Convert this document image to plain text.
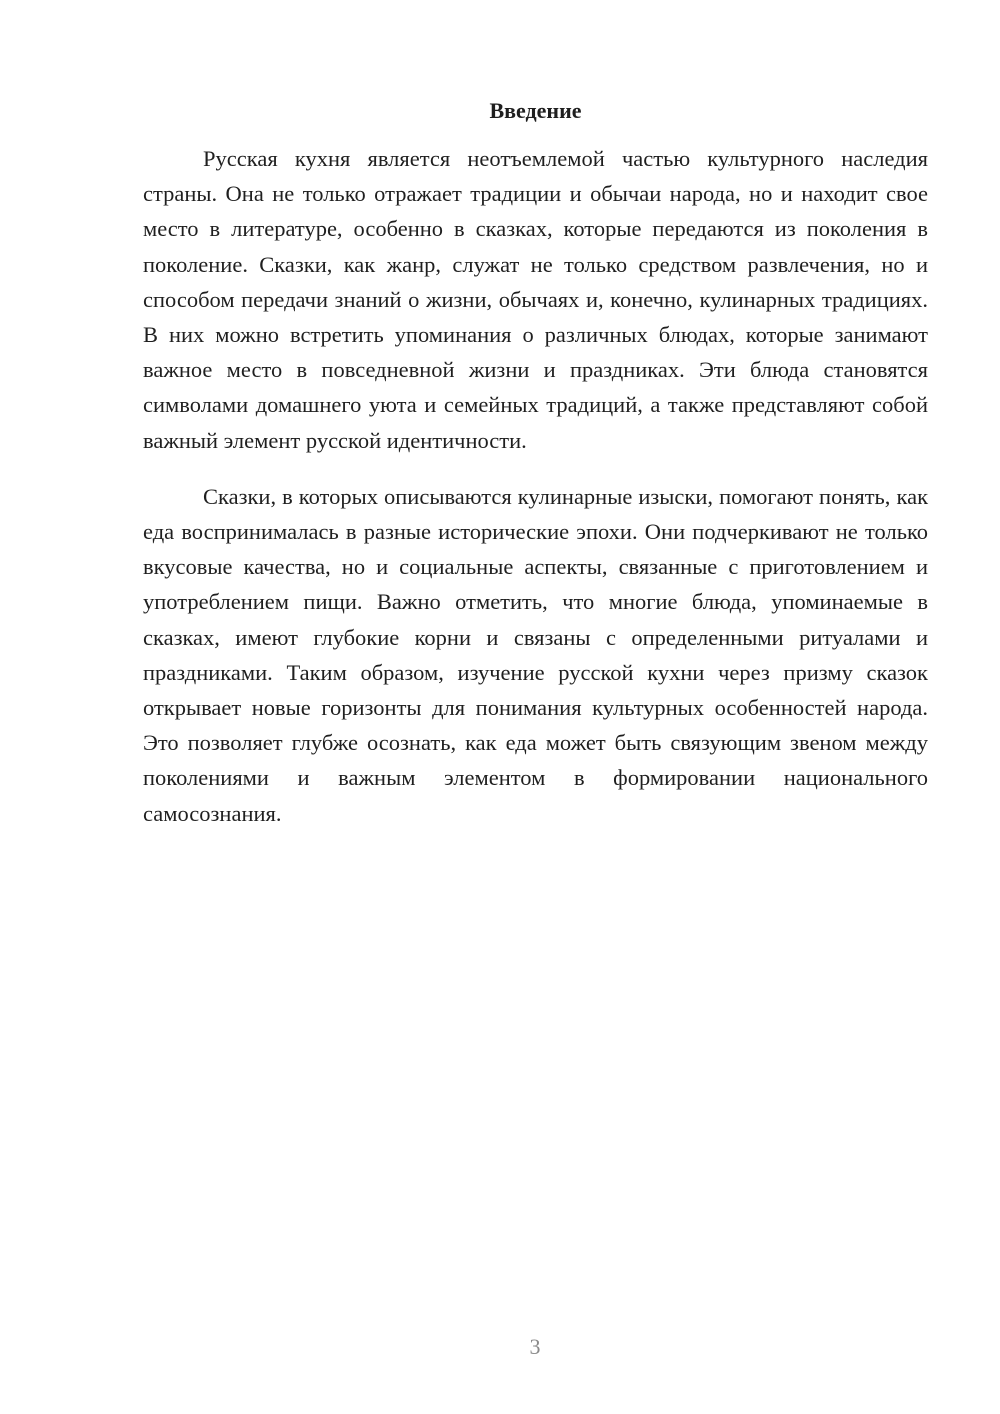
Введение

Русская кухня является неотъемлемой частью культурного наследия страны. Она не только отражает традиции и обычаи народа, но и находит свое место в литературе, особенно в сказках, которые передаются из поколения в поколение. Сказки, как жанр, служат не только средством развлечения, но и способом передачи знаний о жизни, обычаях и, конечно, кулинарных традициях. В них можно встретить упоминания о различных блюдах, которые занимают важное место в повседневной жизни и праздниках. Эти блюда становятся символами домашнего уюта и семейных традиций, а также представляют собой важный элемент русской идентичности.

Сказки, в которых описываются кулинарные изыски, помогают понять, как еда воспринималась в разные исторические эпохи. Они подчеркивают не только вкусовые качества, но и социальные аспекты, связанные с приготовлением и употреблением пищи. Важно отметить, что многие блюда, упоминаемые в сказках, имеют глубокие корни и связаны с определенными ритуалами и праздниками. Таким образом, изучение русской кухни через призму сказок открывает новые горизонты для понимания культурных особенностей народа. Это позволяет глубже осознать, как еда может быть связующим звеном между поколениями и важным элементом в формировании национального самосознания.

3
